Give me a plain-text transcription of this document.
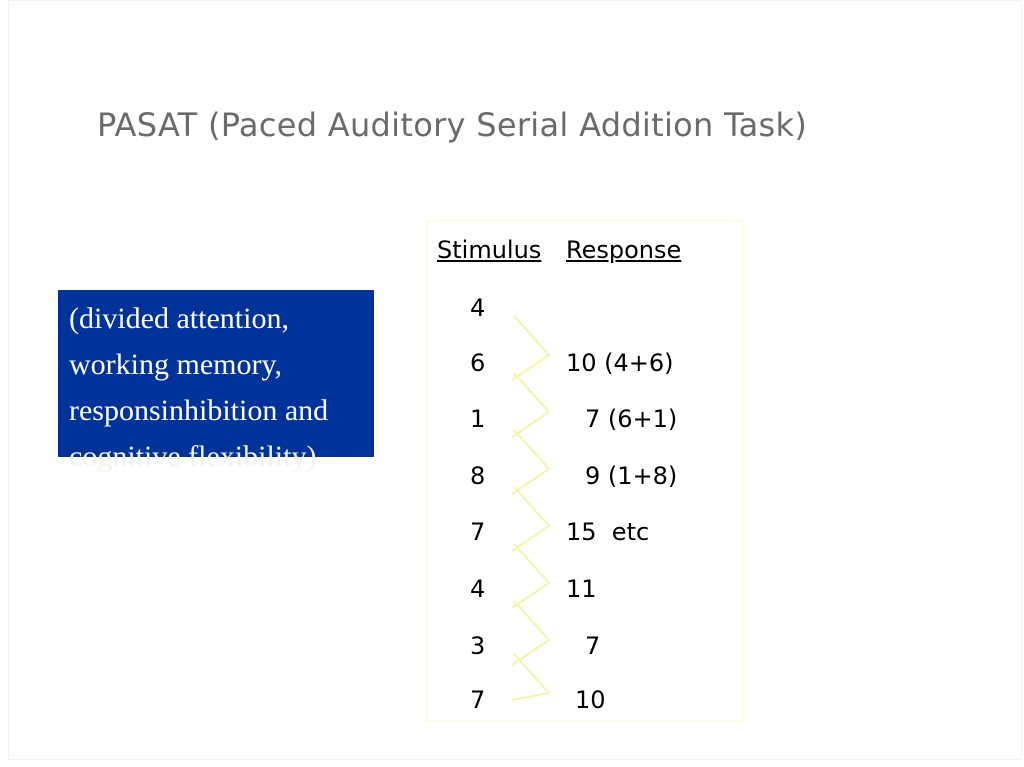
PASAT (Paced Auditory Serial Addition Task)
(divided attention,
working memory,
responsinhibition and
cognitive flexibility)
Stimulus Response
4
6
1
8
7
4
3
7
10 (4+6)
7 (6+1)
9 (1+8)
15  etc
11
7
10
